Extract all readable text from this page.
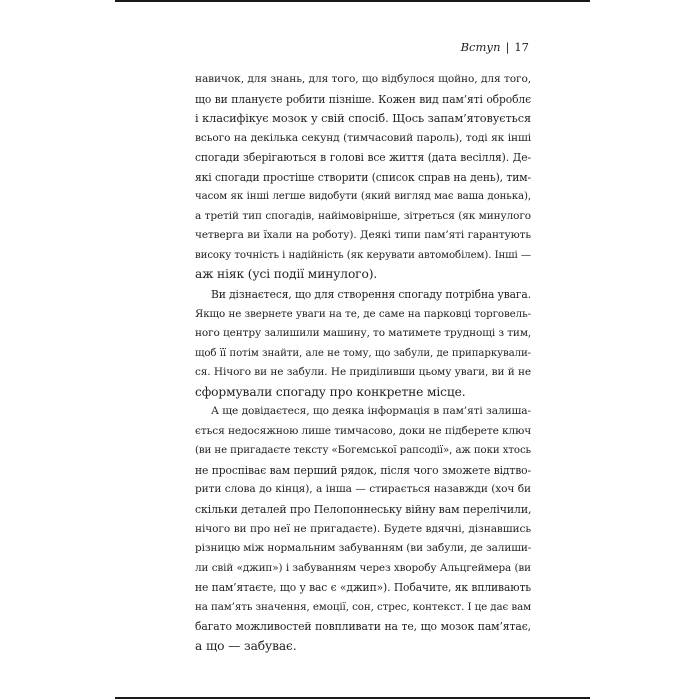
Вступ | 17
навичок, для знань, для того, що відбулося щойно, для того,
що ви плануєте робити пізніше. Кожен вид пам’яті оброблє
і класифікує мозок у свій спосіб. Щось запам’ятовується
всього на декілька секунд (тимчасовий пароль), тоді як інші
спогади зберігаються в голові все життя (дата весілля). Де-
які спогади простіше створити (список справ на день), тим-
часом як інші легше видобути (який вигляд має ваша донька),
а третій тип спогадів, найімовірніше, зітреться (як минулого
четверга ви їхали на роботу). Деякі типи пам’яті гарантують
високу точність і надійність (як керувати автомобілем). Інші —
аж ніяк (усі події минулого).
Ви дізнаєтеся, що для створення спогаду потрібна увага.
Якщо не звернете уваги на те, де саме на парковці торговель-
ного центру залишили машину, то матимете труднощі з тим,
щоб її потім знайти, але не тому, що забули, де припаркували-
ся. Нічого ви не забули. Не приділивши цьому уваги, ви й не
сформували спогаду про конкретне місце.
А ще довідаєтеся, що деяка інформація в пам’яті залиша-
ється недосяжною лише тимчасово, доки не підберете ключ
(ви не пригадаєте тексту «Богемської рапсодії», аж поки хтось
не проспіває вам перший рядок, після чого зможете відтво-
рити слова до кінця), а інша — стирається назавжди (хоч би
скільки деталей про Пелопоннеську війну вам перелічили,
нічого ви про неї не пригадаєте). Будете вдячні, дізнавшись
різницю між нормальним забуванням (ви забули, де залиши-
ли свій «джип») і забуванням через хворобу Альцгеймера (ви
не пам’ятаєте, що у вас є «джип»). Побачите, як впливають
на пам’ять значення, емоції, сон, стрес, контекст. І це дає вам
багато можливостей повпливати на те, що мозок пам’ятає,
а що — забуває.
